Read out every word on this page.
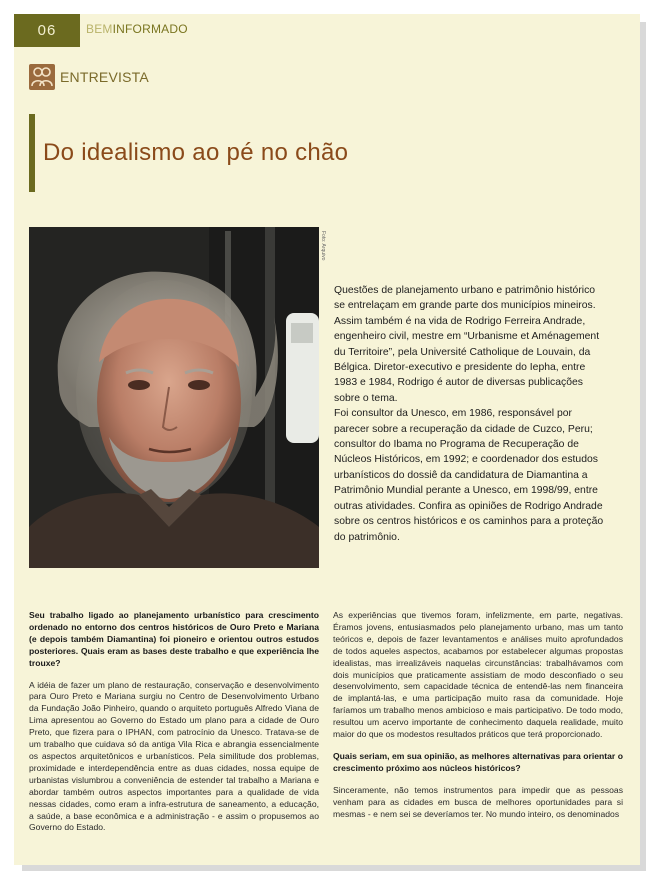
06	BEMINFORMADO
ENTREVISTA
Do idealismo ao pé no chão
Foto: Arquivo

Questões de planejamento urbano e patrimônio histórico se entrelaçam em grande parte dos municípios mineiros. Assim também é na vida de Rodrigo Ferreira Andrade, engenheiro civil, mestre em “Urbanisme et Aménagement du Territoire”, pela Université Catholique de Louvain, da Bélgica. Diretor-executivo e presidente do Iepha, entre 1983 e 1984, Rodrigo é autor de diversas publicações sobre o tema.

Foi consultor da Unesco, em 1986, responsável por parecer sobre a recuperação da cidade de Cuzco, Peru; consultor do Ibama no Programa de Recuperação de Núcleos Históricos, em 1992; e coordenador dos estudos urbanísticos do dossiê da candidatura de Diamantina a Patrimônio Mundial perante a Unesco, em 1998/99, entre outras atividades. Confira as opiniões de Rodrigo Andrade sobre os centros históricos e os caminhos para a proteção do patrimônio.

Seu trabalho ligado ao planejamento urbanístico para crescimento ordenado no entorno dos centros históricos de Ouro Preto e Mariana (e depois também Diamantina) foi pioneiro e orientou outros estudos posteriores. Quais eram as bases deste trabalho e que experiência lhe trouxe?

A idéia de fazer um plano de restauração, conservação e desenvolvimento para Ouro Preto e Mariana surgiu no Centro de Desenvolvimento Urbano da Fundação João Pinheiro, quando o arquiteto português Alfredo Viana de Lima apresentou ao Governo do Estado um plano para a cidade de Ouro Preto, que fizera para o IPHAN, com patrocínio da Unesco. Tratava-se de um trabalho que cuidava só da antiga Vila Rica e abrangia essencialmente os aspectos arquitetônicos e urbanísticos. Pela similitude dos problemas, proximidade e interdependência entre as duas cidades, nossa equipe de urbanistas vislumbrou a conveniência de estender tal trabalho a Mariana e abordar também outros aspectos importantes para a qualidade de vida nessas cidades, como eram a infra-estrutura de saneamento, a educação, a saúde, a base econômica e a administração - e assim o propusemos ao Governo do Estado.

As experiências que tivemos foram, infelizmente, em parte, negativas. Éramos jovens, entusiasmados pelo planejamento urbano, mas um tanto teóricos e, depois de fazer levantamentos e análises muito aprofundados de todos aqueles aspectos, acabamos por estabelecer algumas propostas idealistas, mas irrealizáveis naquelas circunstâncias: trabalhávamos com dois municípios que praticamente assistiam de modo desconfiado o seu desenvolvimento, sem capacidade técnica de entendê-las nem financeira de implantá-las, e uma participação muito rasa da comunidade. Hoje faríamos um trabalho menos ambicioso e mais participativo. De todo modo, resultou um acervo importante de conhecimento daquela realidade, muito maior do que os modestos resultados práticos que terá proporcionado.

Quais seriam, em sua opinião, as melhores alternativas para orientar o crescimento próximo aos núcleos históricos?

Sinceramente, não temos instrumentos para impedir que as pessoas venham para as cidades em busca de melhores oportunidades para si mesmas - e nem sei se deveríamos ter. No mundo inteiro, os denominados
